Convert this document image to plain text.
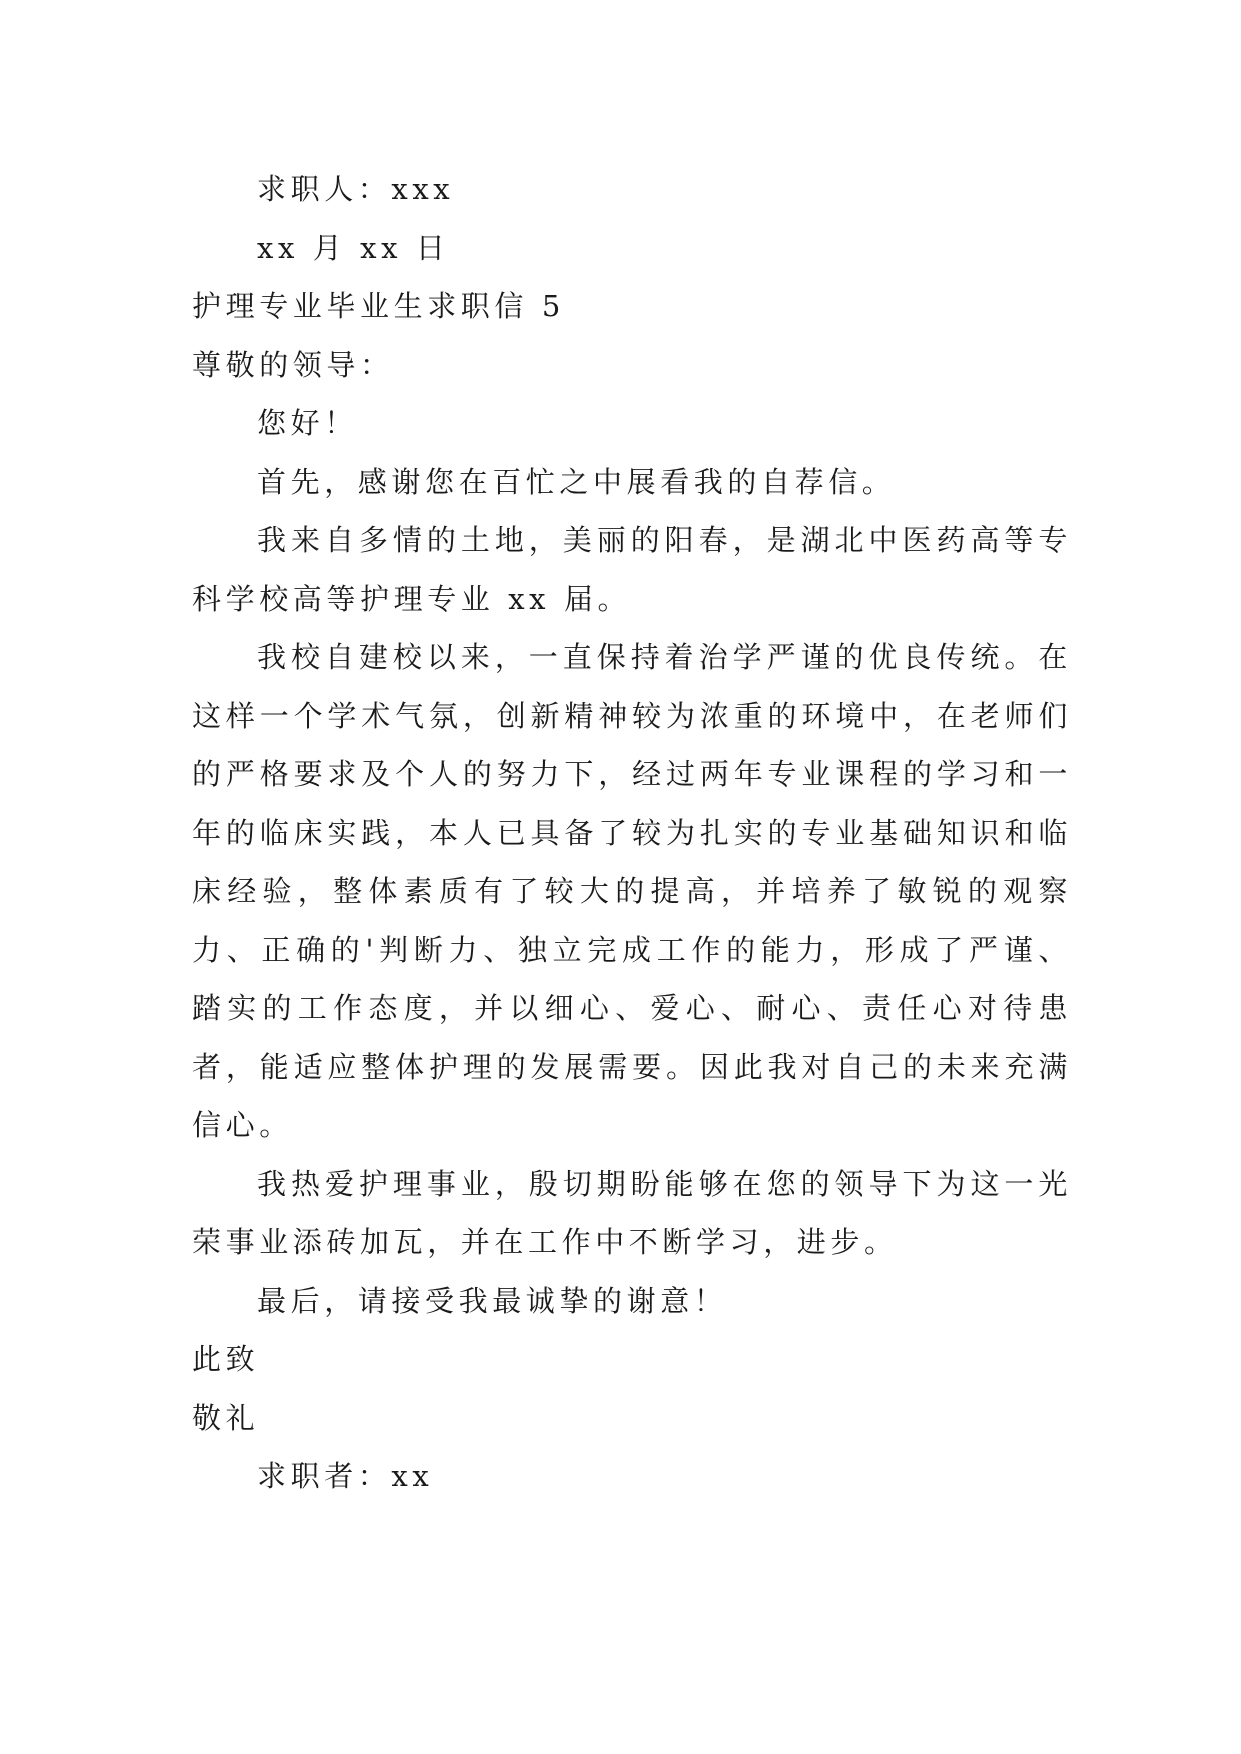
求职人：xxx
xx 月 xx 日
护理专业毕业生求职信 5
尊敬的领导：
您好！

首先，感谢您在百忙之中展看我的自荐信。

我来自多情的土地，美丽的阳春，是湖北中医药高等专科学校高等护理专业 xx 届。

我校自建校以来，一直保持着治学严谨的优良传统。在这样一个学术气氛，创新精神较为浓重的环境中，在老师们的严格要求及个人的努力下，经过两年专业课程的学习和一年的临床实践，本人已具备了较为扎实的专业基础知识和临床经验，整体素质有了较大的提高，并培养了敏锐的观察力、正确的'判断力、独立完成工作的能力，形成了严谨、踏实的工作态度，并以细心、爱心、耐心、责任心对待患者，能适应整体护理的发展需要。因此我对自己的未来充满信心。

我热爱护理事业，殷切期盼能够在您的领导下为这一光荣事业添砖加瓦，并在工作中不断学习，进步。

最后，请接受我最诚挚的谢意！

此致
敬礼
求职者：xx
